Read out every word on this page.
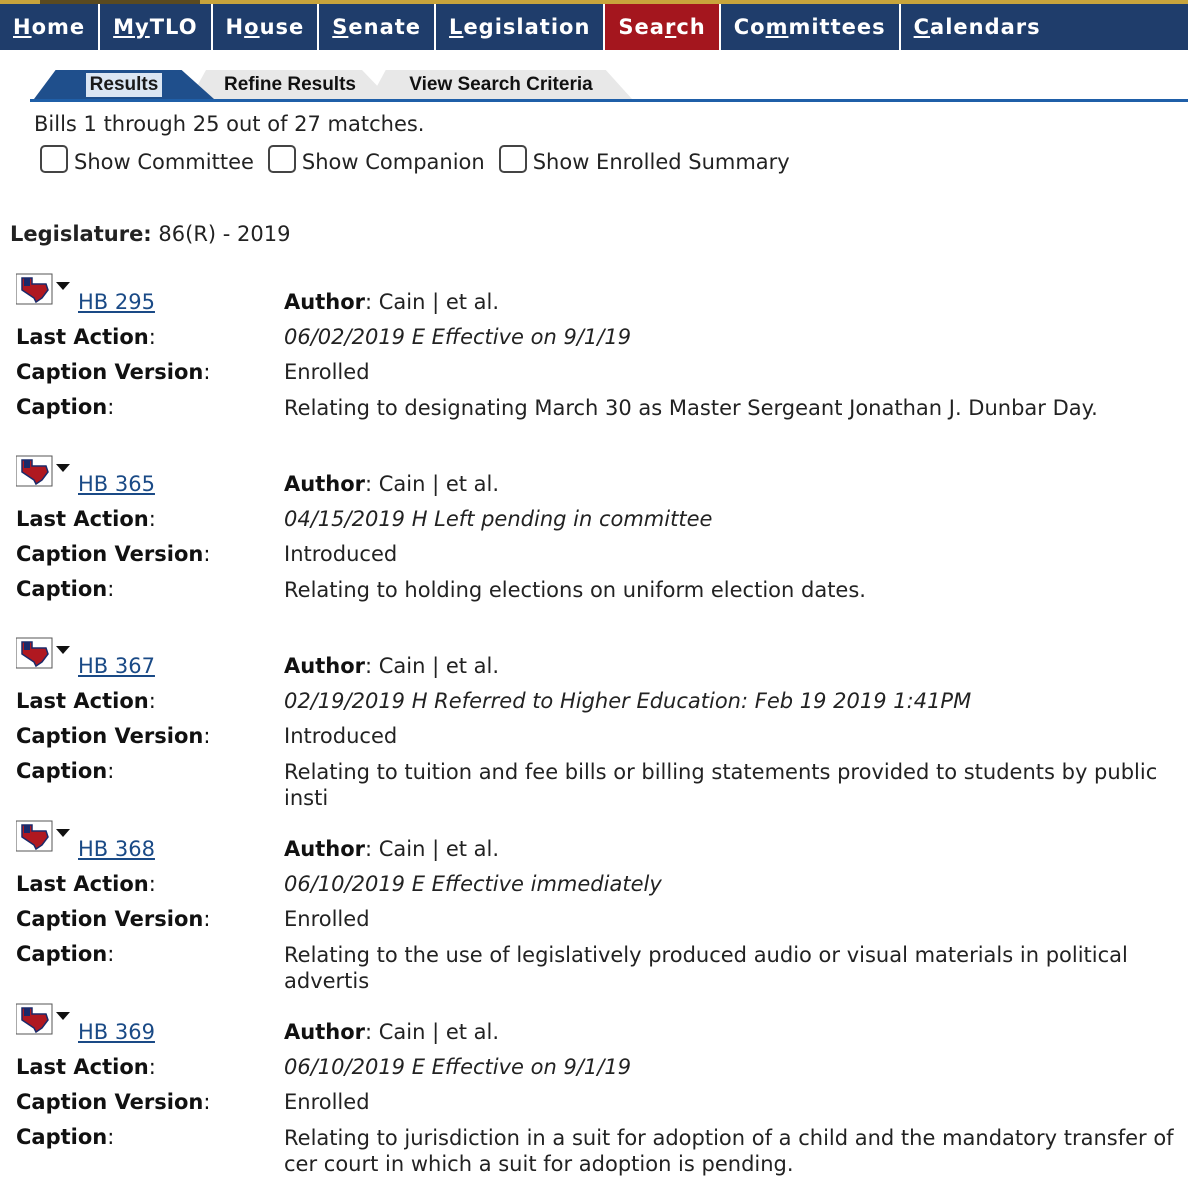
H ome My TLO H o use S enate L egislation Sea r ch Co m mittees C alendars
View Search Criteria
Refine Results
Results
Bills 1 through 25 out of 27 matches.
Show Committee Show Companion Show Enrolled Summary
Legislature: 86(R) - 2019
HB 295	Author: Cain | et al.
Last Action:	06/02/2019 E Effective on 9/1/19
Caption Version:	Enrolled
Caption:	Relating to designating March 30 as Master Sergeant Jonathan J. Dunbar Day.
HB 365	Author: Cain | et al.
Last Action:	04/15/2019 H Left pending in committee
Caption Version:	Introduced
Caption:	Relating to holding elections on uniform election dates.
HB 367	Author: Cain | et al.
Last Action:	02/19/2019 H Referred to Higher Education: Feb 19 2019 1:41PM
Caption Version:	Introduced
Caption:	Relating to tuition and fee bills or billing statements provided to students by public insti
HB 368	Author: Cain | et al.
Last Action:	06/10/2019 E Effective immediately
Caption Version:	Enrolled
Caption:	Relating to the use of legislatively produced audio or visual materials in political advertis
HB 369	Author: Cain | et al.
Last Action:	06/10/2019 E Effective on 9/1/19
Caption Version:	Enrolled
Caption:	Relating to jurisdiction in a suit for adoption of a child and the mandatory transfer of cer court in which a suit for adoption is pending.
